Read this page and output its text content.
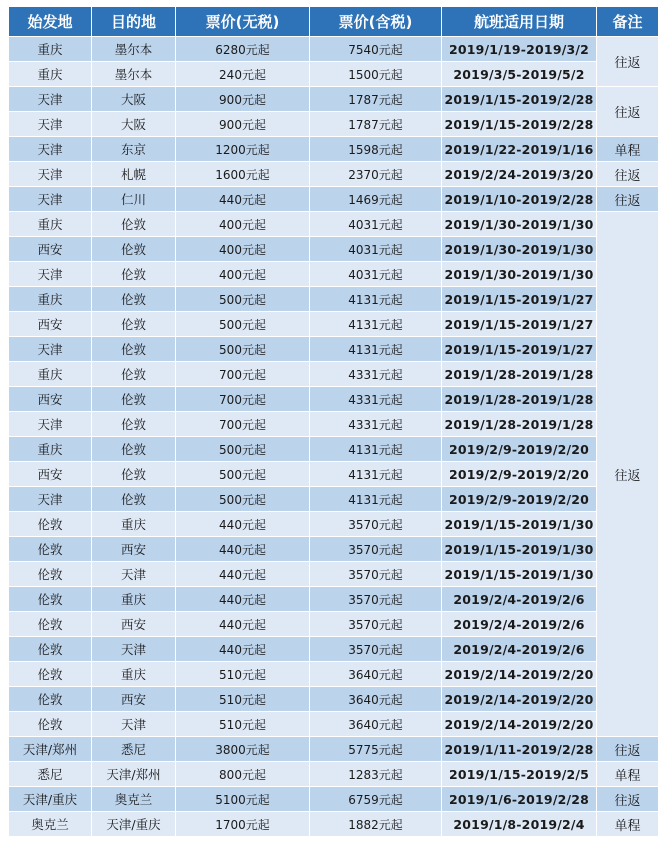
始发地	目的地	票价(无税)	票价(含税)	航班适用日期	备注
重庆	墨尔本	6280元起	7540元起	2019/1/19-2019/3/2	往返
重庆	墨尔本	240元起	1500元起	2019/3/5-2019/5/2	
天津	大阪	900元起	1787元起	2019/1/15-2019/2/28	往返
天津	大阪	900元起	1787元起	2019/1/15-2019/2/28	
天津	东京	1200元起	1598元起	2019/1/22-2019/1/16	单程
天津	札幌	1600元起	2370元起	2019/2/24-2019/3/20	往返
天津	仁川	440元起	1469元起	2019/1/10-2019/2/28	往返
重庆	伦敦	400元起	4031元起	2019/1/30-2019/1/30	往返
西安	伦敦	400元起	4031元起	2019/1/30-2019/1/30	
天津	伦敦	400元起	4031元起	2019/1/30-2019/1/30	
重庆	伦敦	500元起	4131元起	2019/1/15-2019/1/27	
西安	伦敦	500元起	4131元起	2019/1/15-2019/1/27	
天津	伦敦	500元起	4131元起	2019/1/15-2019/1/27	
重庆	伦敦	700元起	4331元起	2019/1/28-2019/1/28	
西安	伦敦	700元起	4331元起	2019/1/28-2019/1/28	
天津	伦敦	700元起	4331元起	2019/1/28-2019/1/28	
重庆	伦敦	500元起	4131元起	2019/2/9-2019/2/20	
西安	伦敦	500元起	4131元起	2019/2/9-2019/2/20	
天津	伦敦	500元起	4131元起	2019/2/9-2019/2/20	
伦敦	重庆	440元起	3570元起	2019/1/15-2019/1/30	
伦敦	西安	440元起	3570元起	2019/1/15-2019/1/30	
伦敦	天津	440元起	3570元起	2019/1/15-2019/1/30	
伦敦	重庆	440元起	3570元起	2019/2/4-2019/2/6	
伦敦	西安	440元起	3570元起	2019/2/4-2019/2/6	
伦敦	天津	440元起	3570元起	2019/2/4-2019/2/6	
伦敦	重庆	510元起	3640元起	2019/2/14-2019/2/20	
伦敦	西安	510元起	3640元起	2019/2/14-2019/2/20	
伦敦	天津	510元起	3640元起	2019/2/14-2019/2/20	
天津/郑州	悉尼	3800元起	5775元起	2019/1/11-2019/2/28	往返
悉尼	天津/郑州	800元起	1283元起	2019/1/15-2019/2/5	单程
天津/重庆	奥克兰	5100元起	6759元起	2019/1/6-2019/2/28	往返
奥克兰	天津/重庆	1700元起	1882元起	2019/1/8-2019/2/4	单程
